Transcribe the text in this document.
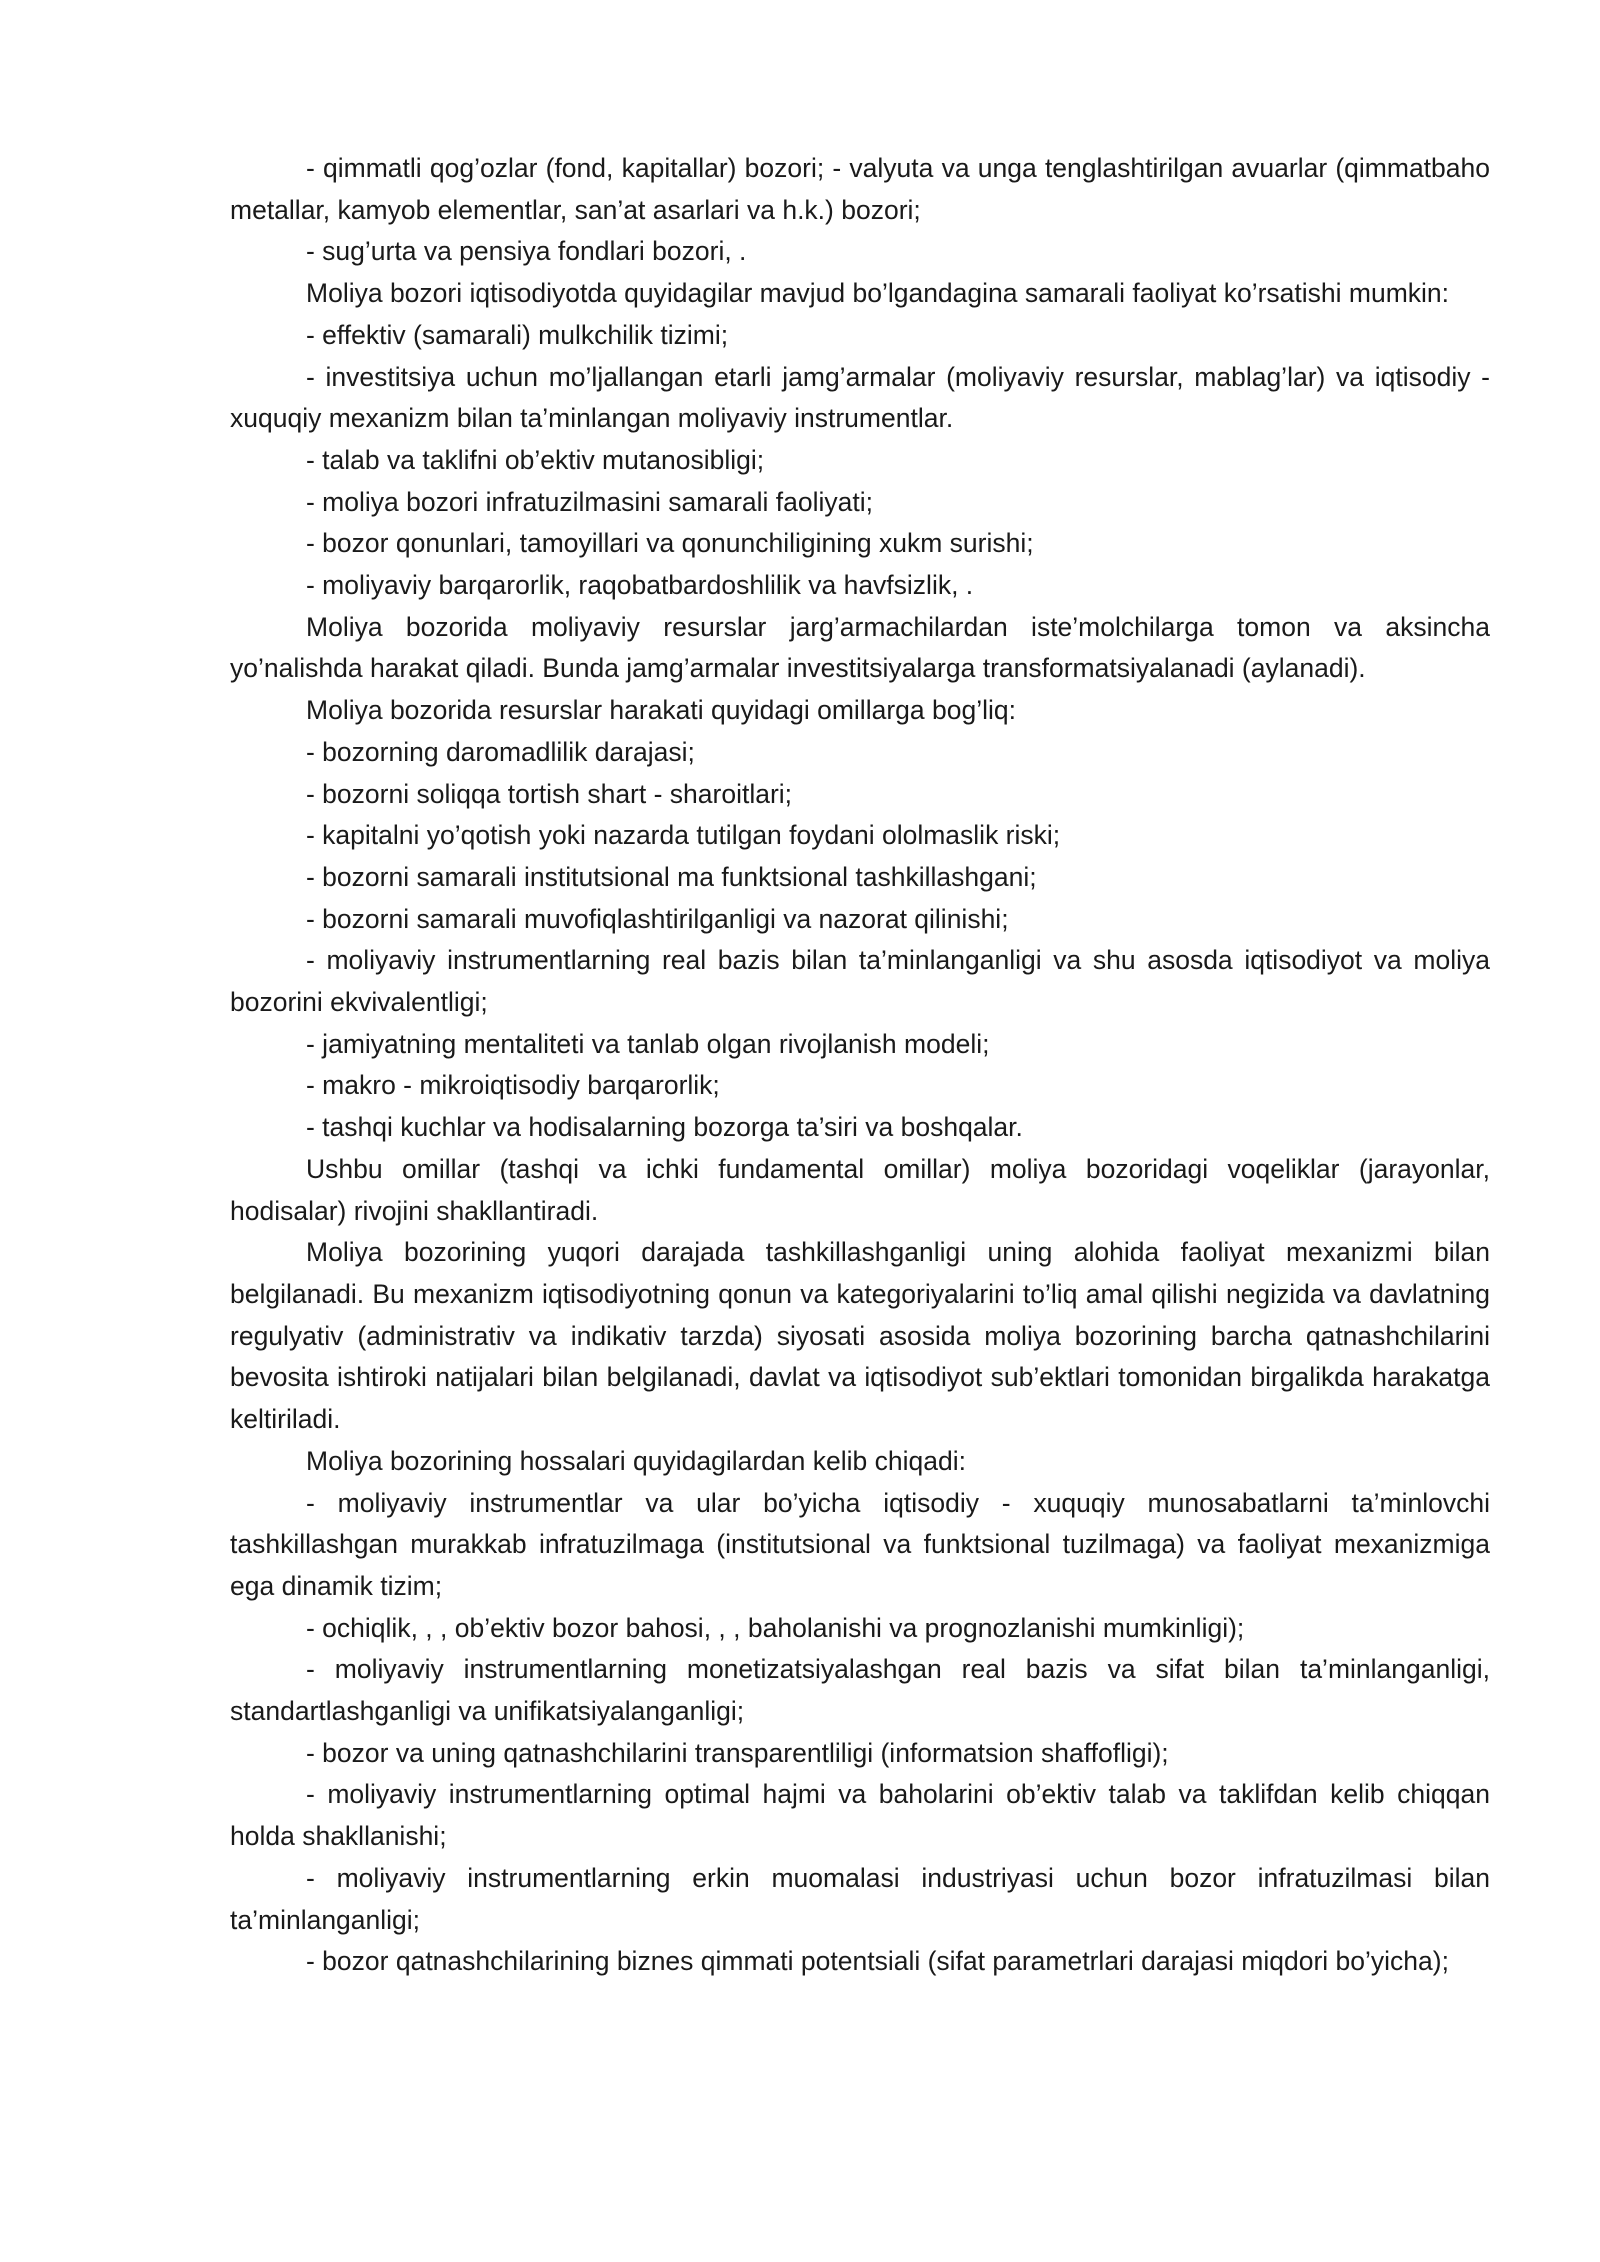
- qimmatli qog’ozlar (fond, kapitallar) bozori; - valyuta va unga tenglashtirilgan avuarlar (qimmatbaho metallar, kamyob elementlar, san’at asarlari va h.k.) bozori;

- sug’urta va pensiya fondlari bozori, .

Moliya bozori iqtisodiyotda quyidagilar mavjud bo’lgandagina samarali faoliyat ko’rsatishi mumkin:

- effektiv (samarali) mulkchilik tizimi;

- investitsiya uchun mo’ljallangan etarli jamg’armalar (moliyaviy resurslar, mablag’lar) va iqtisodiy - xuquqiy mexanizm bilan ta’minlangan moliyaviy instrumentlar.

- talab va taklifni ob’ektiv mutanosibligi;

- moliya bozori infratuzilmasini samarali faoliyati;

- bozor qonunlari, tamoyillari va qonunchiligining xukm surishi;

- moliyaviy barqarorlik, raqobatbardoshlilik va havfsizlik, .

Moliya bozorida moliyaviy resurslar jarg’armachilardan iste’molchilarga tomon va aksincha yo’nalishda harakat qiladi. Bunda jamg’armalar investitsiyalarga transformatsiyalanadi (aylanadi).

Moliya bozorida resurslar harakati quyidagi omillarga bog’liq:

- bozorning daromadlilik darajasi;

- bozorni soliqqa tortish shart - sharoitlari;

- kapitalni yo’qotish yoki nazarda tutilgan foydani ololmaslik riski;

- bozorni samarali institutsional ma funktsional tashkillashgani;

- bozorni samarali muvofiqlashtirilganligi va nazorat qilinishi;

- moliyaviy instrumentlarning real bazis bilan ta’minlanganligi va shu asosda iqtisodiyot va moliya bozorini ekvivalentligi;

- jamiyatning mentaliteti va tanlab olgan rivojlanish modeli;

- makro - mikroiqtisodiy barqarorlik;

- tashqi kuchlar va hodisalarning bozorga ta’siri va boshqalar.

Ushbu omillar (tashqi va ichki fundamental omillar) moliya bozoridagi voqeliklar (jarayonlar, hodisalar) rivojini shakllantiradi.

Moliya bozorining yuqori darajada tashkillashganligi uning alohida faoliyat mexanizmi bilan belgilanadi. Bu mexanizm iqtisodiyotning qonun va kategoriyalarini to’liq amal qilishi negizida va davlatning regulyativ (administrativ va indikativ tarzda) siyosati asosida moliya bozorining barcha qatnashchilarini bevosita ishtiroki natijalari bilan belgilanadi, davlat va iqtisodiyot sub’ektlari tomonidan birgalikda harakatga keltiriladi.

Moliya bozorining hossalari quyidagilardan kelib chiqadi:

- moliyaviy instrumentlar va ular bo’yicha iqtisodiy - xuquqiy munosabatlarni ta’minlovchi tashkillashgan murakkab infratuzilmaga (institutsional va funktsional tuzilmaga) va faoliyat mexanizmiga ega dinamik tizim;

- ochiqlik, , , ob’ektiv bozor bahosi, , , baholanishi va prognozlanishi mumkinligi);

- moliyaviy instrumentlarning monetizatsiyalashgan real bazis va sifat bilan ta’minlanganligi, standartlashganligi va unifikatsiyalanganligi;

- bozor va uning qatnashchilarini transparentliligi (informatsion shaffofligi);

- moliyaviy instrumentlarning optimal hajmi va baholarini ob’ektiv talab va taklifdan kelib chiqqan holda shakllanishi;

- moliyaviy instrumentlarning erkin muomalasi industriyasi uchun bozor infratuzilmasi bilan ta’minlanganligi;

- bozor qatnashchilarining biznes qimmati potentsiali (sifat parametrlari darajasi miqdori bo’yicha);
